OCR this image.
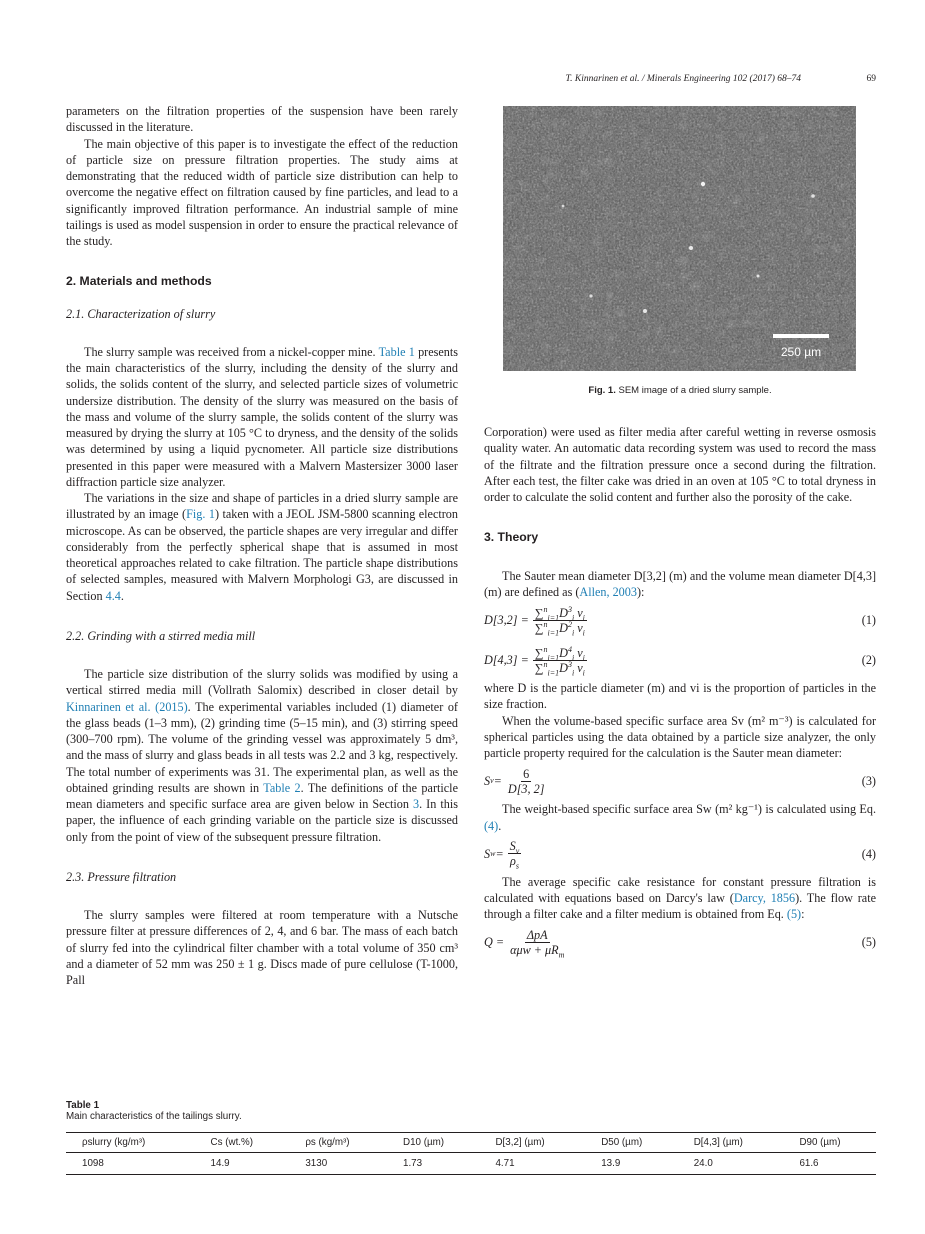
T. Kinnarinen et al. / Minerals Engineering 102 (2017) 68–74	69

parameters on the filtration properties of the suspension have been rarely discussed in the literature.

The main objective of this paper is to investigate the effect of the reduction of particle size on pressure filtration properties. The study aims at demonstrating that the reduced width of particle size distribution can help to overcome the negative effect on filtration caused by fine particles, and lead to a significantly improved filtration performance. An industrial sample of mine tailings is used as model suspension in order to ensure the practical relevance of the study.

2. Materials and methods
2.1. Characterization of slurry

The slurry sample was received from a nickel-copper mine. Table 1 presents the main characteristics of the slurry, including the density of the slurry and solids, the solids content of the slurry, and selected particle sizes of volumetric undersize distribution. The density of the slurry was measured on the basis of the mass and volume of the slurry sample, the solids content of the slurry was measured by drying the slurry at 105 °C to dryness, and the density of the solids was determined by using a liquid pycnometer. All particle size distributions presented in this paper were measured with a Malvern Mastersizer 3000 laser diffraction particle size analyzer.

The variations in the size and shape of particles in a dried slurry sample are illustrated by an image (Fig. 1) taken with a JEOL JSM-5800 scanning electron microscope. As can be observed, the particle shapes are very irregular and differ considerably from the perfectly spherical shape that is assumed in most theoretical approaches related to cake filtration. The particle shape distributions of selected samples, measured with Malvern Morphologi G3, are discussed in Section 4.4.

2.2. Grinding with a stirred media mill

The particle size distribution of the slurry solids was modified by using a vertical stirred media mill (Vollrath Salomix) described in closer detail by Kinnarinen et al. (2015). The experimental variables included (1) diameter of the glass beads (1–3 mm), (2) grinding time (5–15 min), and (3) stirring speed (300–700 rpm). The volume of the grinding vessel was approximately 5 dm³, and the mass of slurry and glass beads in all tests was 2.2 and 3 kg, respectively. The total number of experiments was 31. The experimental plan, as well as the obtained grinding results are shown in Table 2. The definitions of the particle mean diameters and specific surface area are given below in Section 3. In this paper, the influence of each grinding variable on the particle size is discussed only from the point of view of the subsequent pressure filtration.

2.3. Pressure filtration

The slurry samples were filtered at room temperature with a Nutsche pressure filter at pressure differences of 2, 4, and 6 bar. The mass of each batch of slurry fed into the cylindrical filter chamber with a total volume of 350 cm³ and a diameter of 52 mm was 250 ± 1 g. Discs made of pure cellulose (T-1000, Pall

250 µm
Fig. 1. SEM image of a dried slurry sample.

Corporation) were used as filter media after careful wetting in reverse osmosis quality water. An automatic data recording system was used to record the mass of the filtrate and the filtration pressure once a second during the filtration. After each test, the filter cake was dried in an oven at 105 °C to total dryness in order to calculate the solid content and further also the porosity of the cake.

3. Theory

The Sauter mean diameter D[3,2] (m) and the volume mean diameter D[4,3] (m) are defined as (Allen, 2003):

$D[3,2] = \frac{\sum^n_{i=1}D^3_i v_i}{\sum^n_{i=1}D^2_i v_i}$	(1)
$D[4,3] = \frac{\sum^n_{i=1}D^4_i v_i}{\sum^n_{i=1}D^3_i v_i}$	(2)

where D is the particle diameter (m) and vi is the proportion of particles in the size fraction.

When the volume-based specific surface area Sv (m² m⁻³) is calculated for spherical particles using the data obtained by a particle size analyzer, the only particle property required for the calculation is the Sauter mean diameter:

S $v = \frac{6}{D[3, 2]}$	(3)

The weight-based specific surface area Sw (m² kg⁻¹) is calculated using Eq. (4).

S $w = \frac{S_v}{\rho_s}$	(4)

The average specific cake resistance for constant pressure filtration is calculated with equations based on Darcy's law (Darcy, 1856). The flow rate through a filter cake and a filter medium is obtained from Eq. (5):

$Q = \frac{\text{ΔpA}}{\alpha\mu w + \mu R_m}$	(5)
Table 1
Main characteristics of the tailings slurry.
ρslurry (kg/m³)	Cs (wt.%)	ρs (kg/m³)	D10 (µm)	D[3,2] (µm)	D50 (µm)	D[4,3] (µm)	D90 (µm)
1098	14.9	3130	1.73	4.71	13.9	24.0	61.6
